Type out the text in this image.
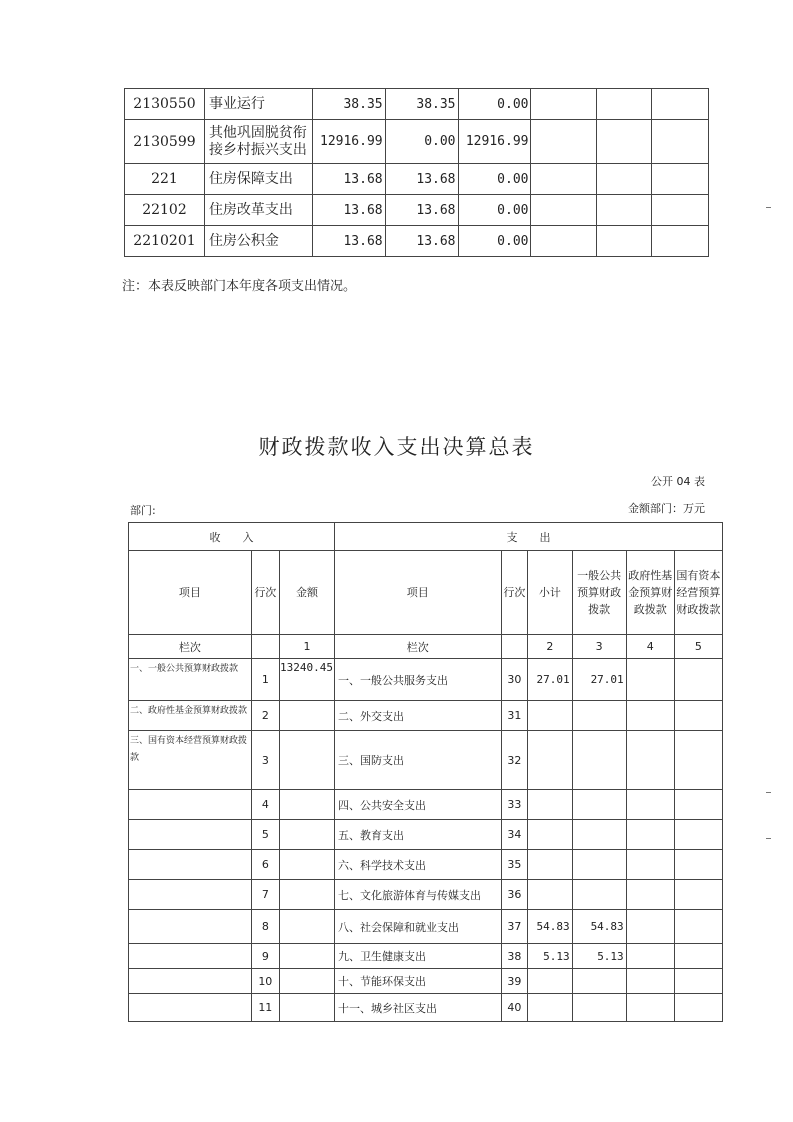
2130550	事业运行	38.35	38.35	0.00			
2130599	其他巩固脱贫衔接乡村振兴支出	12916.99	0.00	12916.99			
221	住房保障支出	13.68	13.68	0.00			
22102	住房改革支出	13.68	13.68	0.00			
2210201	住房公积金	13.68	13.68	0.00			
注：本表反映部门本年度各项支出情况。
财政拨款收入支出决算总表
公开 04 表
部门:	金额部门：万元
收　　入			支　　出					
项目	行次	金额	项目	行次	小计	一般公共预算财政拨款	政府性基金预算财政拨款	国有资本经营预算财政拨款
栏次		1	栏次		2	3	4	5
一、一般公共预算财政拨款	1	13240.45	一、一般公共服务支出	30	27.01	27.01		
二、政府性基金预算财政拨款	2		二、外交支出	31				
三、国有资本经营预算财政拨款	3		三、国防支出	32				
	4		四、公共安全支出	33				
	5		五、教育支出	34				
	6		六、科学技术支出	35				
	7		七、文化旅游体育与传媒支出	36				
	8		八、社会保障和就业支出	37	54.83	54.83		
	9		九、卫生健康支出	38	5.13	5.13		
	10		十、节能环保支出	39				
	11		十一、城乡社区支出	40				
